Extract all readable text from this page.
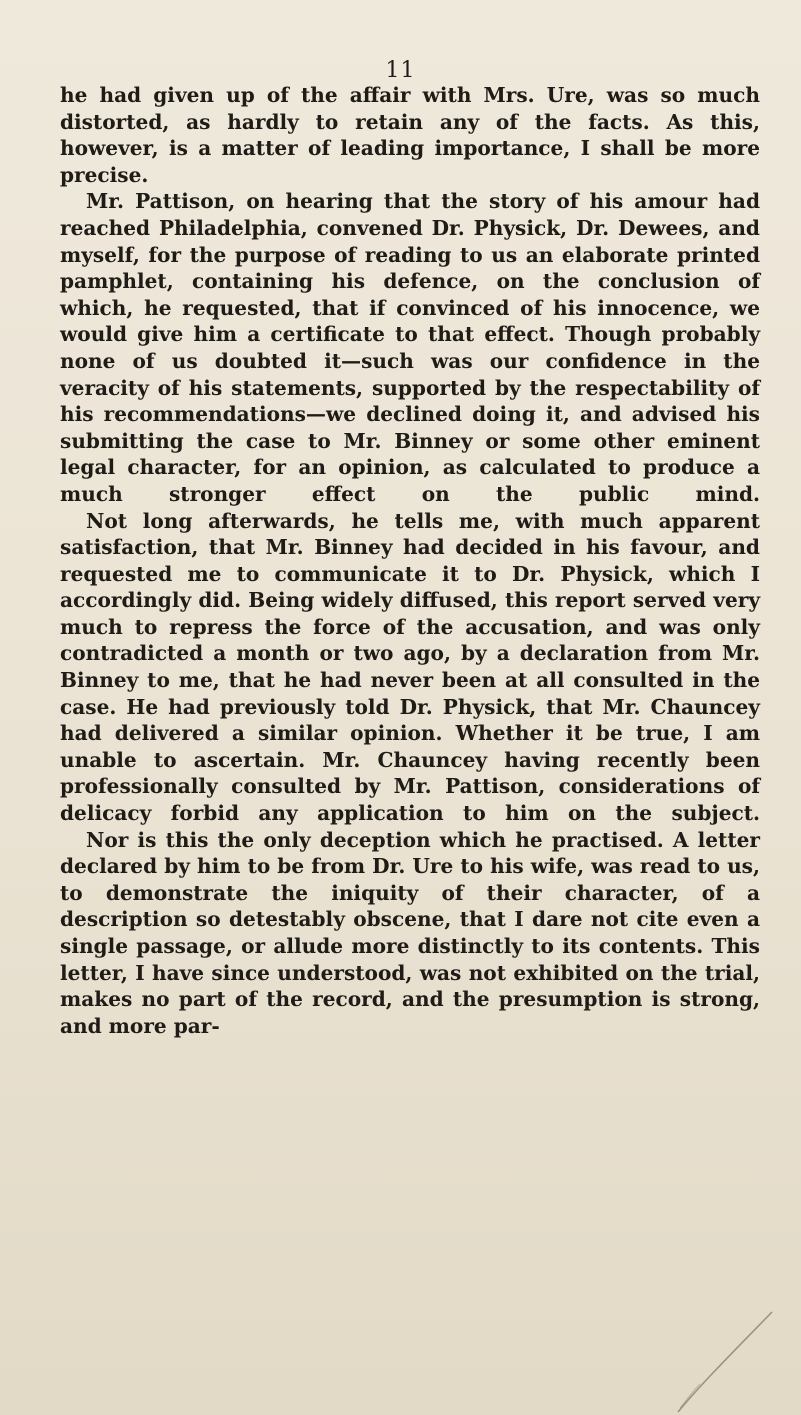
11

he had given up of the affair with Mrs. Ure, was so much distorted, as hardly to retain any of the facts. As this, however, is a matter of leading importance, I shall be more precise.

Mr. Pattison, on hearing that the story of his amour had reached Philadelphia, convened Dr. Physick, Dr. Dewees, and myself, for the purpose of reading to us an elaborate printed pamphlet, containing his defence, on the conclusion of which, he requested, that if convinced of his innocence, we would give him a certificate to that effect. Though probably none of us doubted it—such was our confidence in the veracity of his statements, supported by the respectability of his recommendations—we declined doing it, and advised his submitting the case to Mr. Binney or some other eminent legal character, for an opinion, as calculated to produce a much stronger effect on the public mind.

Not long afterwards, he tells me, with much apparent satisfaction, that Mr. Binney had decided in his favour, and requested me to communicate it to Dr. Physick, which I accordingly did. Being widely diffused, this report served very much to repress the force of the accusation, and was only contradicted a month or two ago, by a declaration from Mr. Binney to me, that he had never been at all consulted in the case. He had previously told Dr. Physick, that Mr. Chauncey had delivered a similar opinion. Whether it be true, I am unable to ascertain. Mr. Chauncey having recently been professionally consulted by Mr. Pattison, considerations of delicacy forbid any application to him on the subject.

Nor is this the only deception which he practised. A letter declared by him to be from Dr. Ure to his wife, was read to us, to demonstrate the iniquity of their character, of a description so detestably obscene, that I dare not cite even a single passage, or allude more distinctly to its contents. This letter, I have since understood, was not exhibited on the trial, makes no part of the record, and the presumption is strong, and more par-
